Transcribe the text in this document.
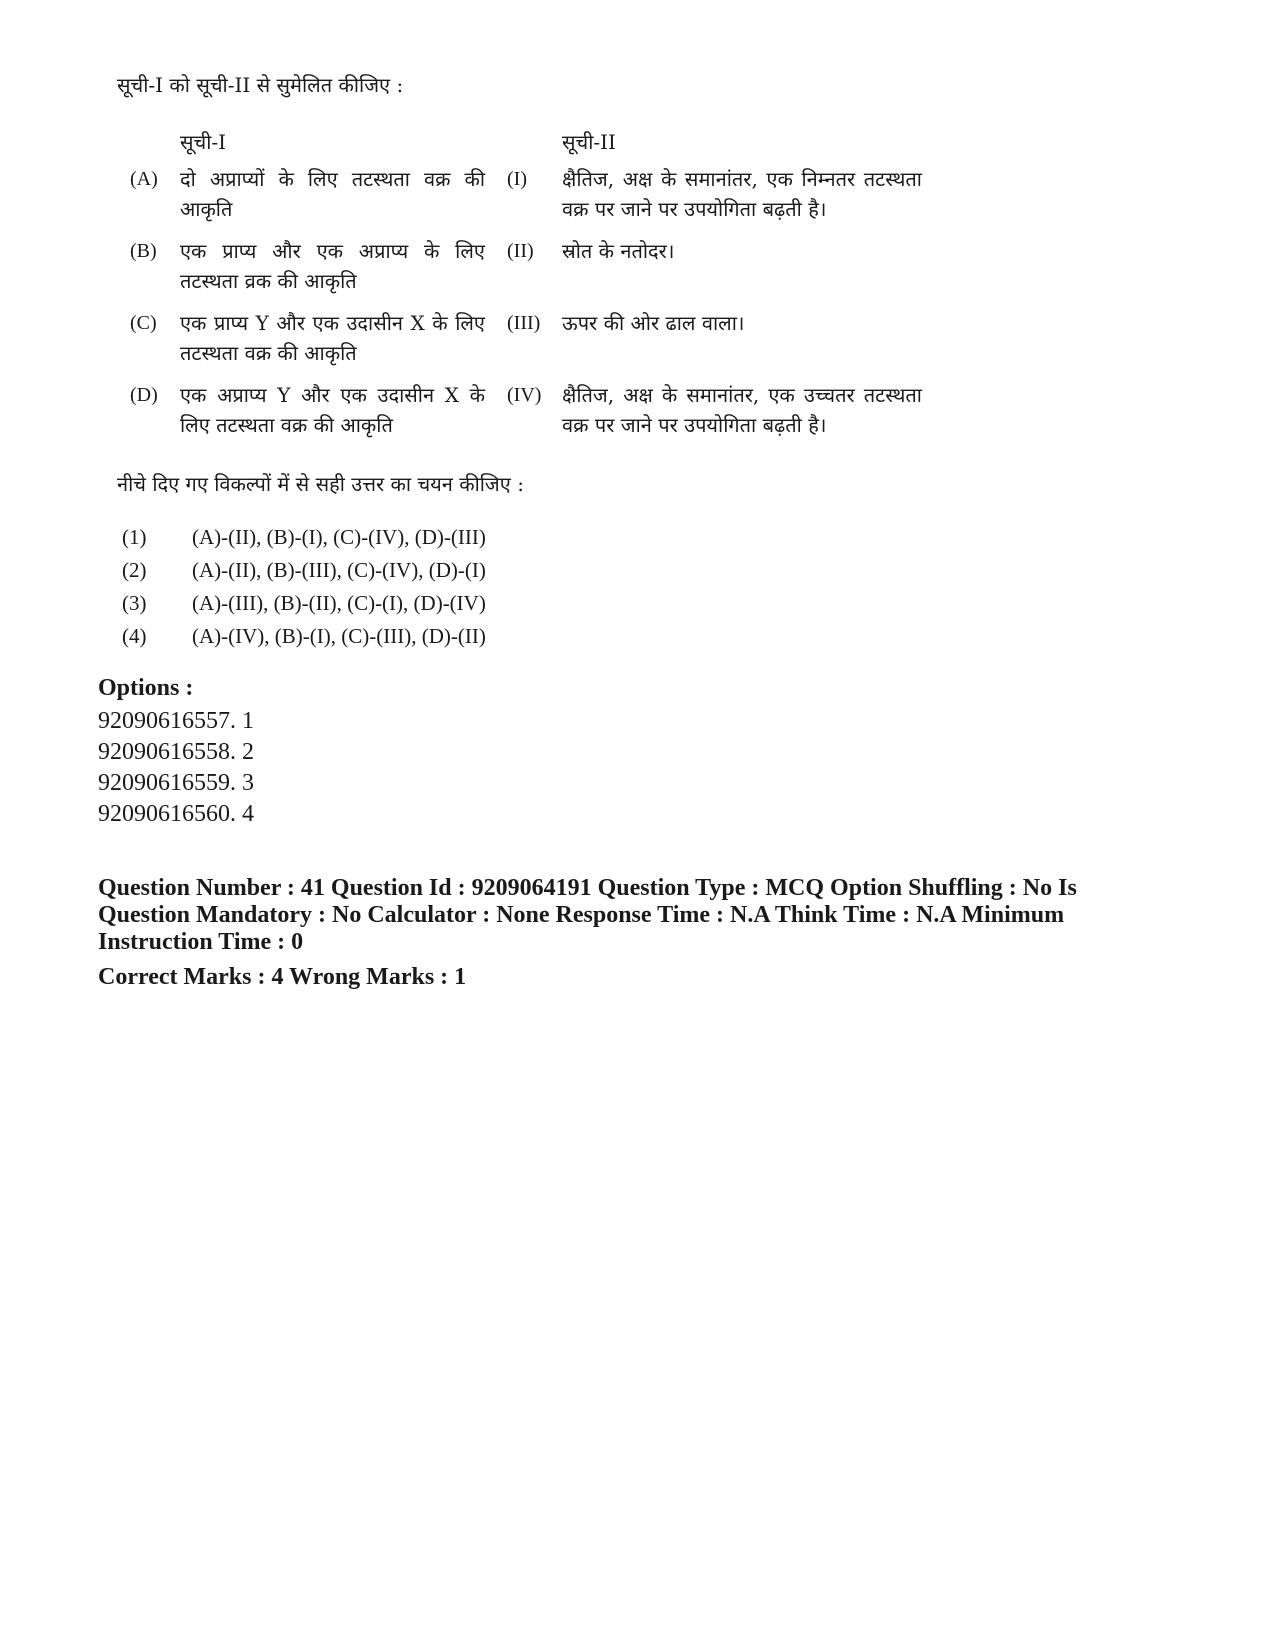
सूची-I को सूची-II से सुमेलित कीजिए :

सूची-I	सूची-II
(A) दो अप्राप्यों के लिए तटस्थता वक्र की आकृति
(I) क्षैतिज, अक्ष के समानांतर, एक निम्नतर तटस्थता वक्र पर जाने पर उपयोगिता बढ़ती है।
(B) एक प्राप्य और एक अप्राप्य के लिए तटस्थता व्रक की आकृति
(II) स्रोत के नतोदर।
(C) एक प्राप्य Y और एक उदासीन X के लिए तटस्थता वक्र की आकृति
(III) ऊपर की ओर ढाल वाला।
(D) एक अप्राप्य Y और एक उदासीन X के लिए तटस्थता वक्र की आकृति
(IV) क्षैतिज, अक्ष के समानांतर, एक उच्चतर तटस्थता वक्र पर जाने पर उपयोगिता बढ़ती है।

नीचे दिए गए विकल्पों में से सही उत्तर का चयन कीजिए :

(1) (A)-(II), (B)-(I), (C)-(IV), (D)-(III)
(2) (A)-(II), (B)-(III), (C)-(IV), (D)-(I)
(3) (A)-(III), (B)-(II), (C)-(I), (D)-(IV)
(4) (A)-(IV), (B)-(I), (C)-(III), (D)-(II)
Options :
92090616557. 1
92090616558. 2
92090616559. 3
92090616560. 4
Question Number : 41 Question Id : 9209064191 Question Type : MCQ Option Shuffling : No Is
Question Mandatory : No Calculator : None Response Time : N.A Think Time : N.A Minimum
Instruction Time : 0
Correct Marks : 4 Wrong Marks : 1
